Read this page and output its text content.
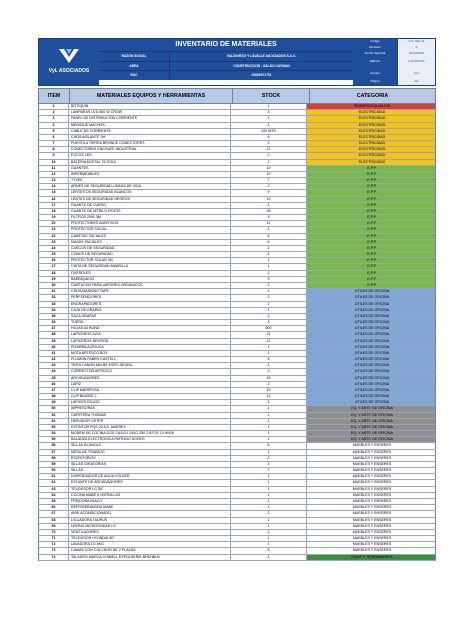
VyL ASOCIADOS
INVENTARIO DE MATERIALES
RAZON SOCIAL	VALDIVIEZO Y LAVALLE ASOCIADOS S.A.C.
AREA	CONSTRUCCION - SALDO CAYMAN
RUC	20609471791
Código	VYL-SIG-01
Revisión	0
Fecha Vigencia	20/04/2023
Elaboró	LOGÍSTICA
Aprobó	GG
Página	1/1
ITEM	MATERIALES EQUIPOS Y HERRAMIENTAS	STOCK	CATEGORIA
1	BOTIQUIN	1	PRIMEROS AUXILIOS
2	LAMPARAS LED 600 W CROW	3	ELECTRICIDAD
3	PANEL DE DISTRIBUCION CORRIENTE	1	ELECTRICIDAD
4	MENSAJE MACHOS	1	ELECTRICIDAD
5	CABLE DE CORRIENTE	100 MTS	ELECTRICIDAD
6	CINTA AISLANTE 3M	6	ELECTRICIDAD
7	PUESTA A TIERRA BRONCE CONECTORES	2	ELECTRICIDAD
8	CONECTORES ENCHUFE INDUSTRIAL	12	ELECTRICIDAD
9	FOCOS LED	2	ELECTRICIDAD
10	BATERIA DIGITAL 76 STEA	1	ELECTRICIDAD
11	GUANTES	10	E.P.P.
12	IMPERMEABLES	10	E.P.P.
13	TYVEK	7	E.P.P.
14	ARNES DE SEGURIDAD-LINEAS DE VIDA	2	E.P.P.
15	LENTES DE SEGURIDAD BLANCOS	9	E.P.P.
16	LENTES DE SEGURIDAD NEGROS	10	E.P.P.
17	GUANTE DE CUERO	1	E.P.P.
18	GUANTE DE NITRILO ROJOS	25	E.P.P.
19	FILTROS 2091 3M	5	E.P.P.
20	PROTECTORES AUDITIVOS	12	E.P.P.
21	PROTECTOR FACIAL	1	E.P.P.
22	CARETAS FACIALES	8	E.P.P.
23	MASAS FACIALES	5	E.P.P.
24	CASCOS DE SEGURIDAD	2	E.P.P.
25	CONOS DE SEGURIDAD	4	E.P.P.
26	PROTECTOR SOLAR 3M	1	E.P.P.
27	CINTA DE SEGURIDAD AMARILLA	1	E.P.P.
28	OVEROLES	2	E.P.P.
29	BARBIQUEJO	5	E.P.P.
30	CARTUCHO PARA VAPORES ORGANICOS	2	E.P.P.
31	CINTA MASKING TAPE	2	UTILES DE OFICINA
32	PERFORADORES	2	UTILES DE OFICINA
33	ENGRAPADORES	2	UTILES DE OFICINA
34	CAJA DE GRAPAS	1	UTILES DE OFICINA
35	SACA GRAPAS	2	UTILES DE OFICINA
36	TIJERA	3	UTILES DE OFICINA
37	HOJAS A4 BOND	600	UTILES DE OFICINA
38	LAPICEROS AZUL	21	UTILES DE OFICINA
39	LAPICEROS NEGROS	12	UTILES DE OFICINA
40	PIZARRA ACRILICA	1	UTILES DE OFICINA
41	MOTA ARTESCO BOX	1	UTILES DE OFICINA
42	PLUMON FABER CASTELL	6	UTILES DE OFICINA
43	TINTA CANON 664 BK ESPC NEGRA	1	UTILES DE OFICINA
44	CORRECTOR ARTESCO	2	UTILES DE OFICINA
45	ARCHIVADORES	29	UTILES DE OFICINA
46	LAPIZ	2	UTILES DE OFICINA
47	CLIP MARIPOSA	19	UTILES DE OFICINA
48	CLIP BINDER 2	12	UTILES DE OFICINA
49	LAPICES ROJOS	3	UTILES DE OFICINA
50	IMPRESORAS	1	EQ. Y ARTF. DE OFICINA
51	CAFETERA THOMAS	1	EQ. Y ARTF. DE OFICINA
52	HERVIDOR OSTER	1	EQ. Y ARTF. DE OFICINA
53	EXTINTOR PQS 20 KG. AMEREX	1	EQ. Y ARTF. DE OFICINA
54	MODEM DE COCINA DOS CASCO 240G-250 2 BTOS 10 HN26	1	EQ. Y ARTF. DE OFICINA
55	BALANZA ELECTRONICA PATRICIO 5OOKG	1	EQ. Y ARTF. DE OFICINA
56	SILLAS BLANCAS	6	MUEBLES Y ENSERES
57	MESA DE TRABAJO	1	MUEBLES Y ENSERES
58	ESCRITORIOS	2	MUEBLES Y ENSERES
59	SILLAS GIRATORIAS	4	MUEBLES Y ENSERES
60	SILLAS	7	MUEBLES Y ENSERES
61	DISPENSADOR DE AGUA VOLKER	1	MUEBLES Y ENSERES
62	ESTANTE DE ARCHIVADORES	1	MUEBLES Y ENSERES
63	TELEVISOR LG 50"	1	MUEBLES Y ENSERES
64	COCINA MABE 6 HORNILLAS	1	MUEBLES Y ENSERES
65	FREIDORA IMACO	1	MUEBLES Y ENSERES
66	REFRIGERADORA MABE	1	MUEBLES Y ENSERES
67	AIRE ACONDICIONADO	2	MUEBLES Y ENSERES
68	LICUADORA TAURUS	1	MUEBLES Y ENSERES
69	HORNO MICROONDAS LG	1	MUEBLES Y ENSERES
70	VENTILADORES	2	MUEBLES Y ENSERES
71	TELEVISOR HYUNDAI 50"	1	MUEBLES Y ENSERES
72	LAVADORA LG 6KG	1	MUEBLES Y ENSERES
73	CAMAS CON COLCHON DE 2 PLAZAS	8	MUEBLES Y ENSERES
74	TALADRO MARCA CHIMELL EXPOLSERIE BHEHBUV	1	EQUIP Y HERRAMIENTA
